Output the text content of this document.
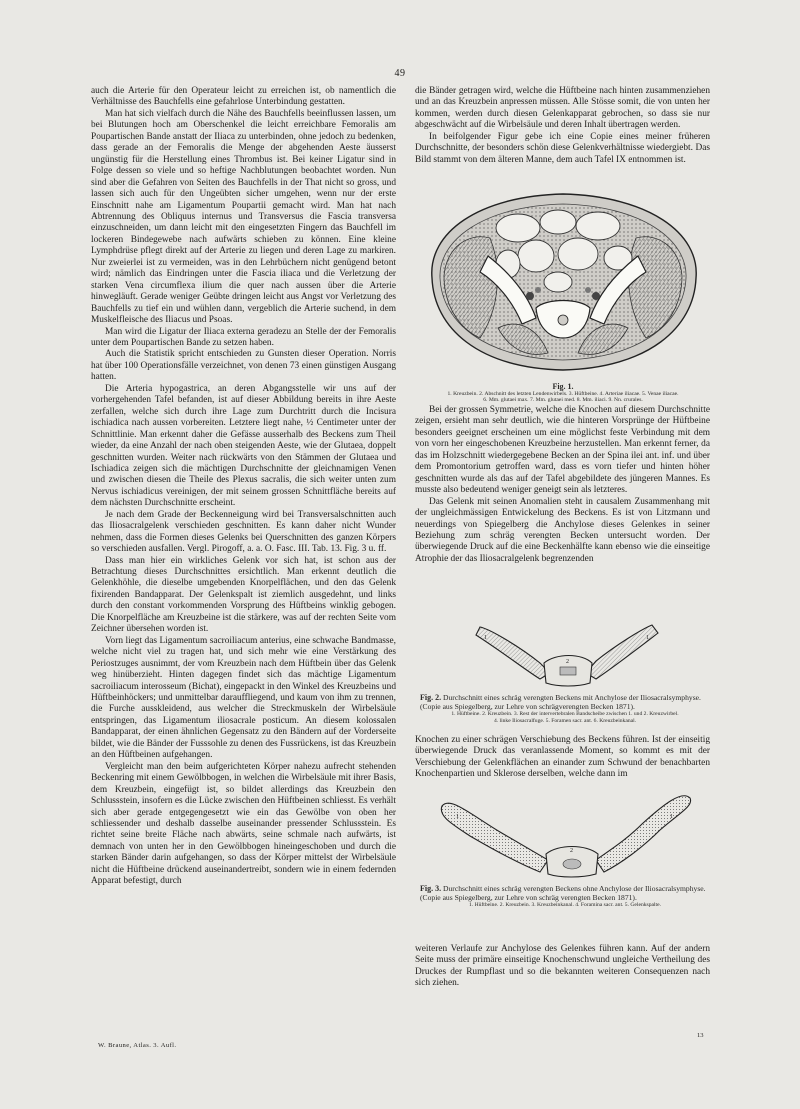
49

auch die Arterie für den Operateur leicht zu erreichen ist, ob namentlich die Verhältnisse des Bauchfells eine gefahrlose Unterbindung gestatten.

Man hat sich vielfach durch die Nähe des Bauchfells beeinflussen lassen, um bei Blutungen hoch am Oberschenkel die leicht erreichbare Femoralis am Poupartischen Bande anstatt der Iliaca zu unterbinden, ohne jedoch zu bedenken, dass gerade an der Femoralis die Menge der abgehenden Aeste äusserst ungünstig für die Herstellung eines Thrombus ist. Bei keiner Ligatur sind in Folge dessen so viele und so heftige Nachblutungen beobachtet worden. Nun sind aber die Gefahren von Seiten des Bauchfells in der That nicht so gross, und lassen sich auch für den Ungeübten sicher umgehen, wenn nur der erste Einschnitt nahe am Ligamentum Poupartii gemacht wird. Man hat nach Abtrennung des Obliquus internus und Transversus die Fascia transversa einzuschneiden, um dann leicht mit den eingesetzten Fingern das Bauchfell im lockeren Bindegewebe nach aufwärts schieben zu können. Eine kleine Lymphdrüse pflegt direkt auf der Arterie zu liegen und deren Lage zu markiren. Nur zweierlei ist zu vermeiden, was in den Lehrbüchern nicht genügend betont wird; nämlich das Eindringen unter die Fascia iliaca und die Verletzung der starken Vena circumflexa ilium die quer nach aussen über die Arterie hinwegläuft. Gerade weniger Geübte dringen leicht aus Angst vor Verletzung des Bauchfells zu tief ein und wühlen dann, vergeblich die Arterie suchend, in dem Muskelfleische des Iliacus und Psoas.

Man wird die Ligatur der Iliaca externa geradezu an Stelle der der Femoralis unter dem Poupartischen Bande zu setzen haben.

Auch die Statistik spricht entschieden zu Gunsten dieser Operation. Norris hat über 100 Operationsfälle verzeichnet, von denen 73 einen günstigen Ausgang hatten.

Die Arteria hypogastrica, an deren Abgangsstelle wir uns auf der vorhergehenden Tafel befanden, ist auf dieser Abbildung bereits in ihre Aeste zerfallen, welche sich durch ihre Lage zum Durchtritt durch die Incisura ischiadica nach aussen vorbereiten. Letztere liegt nahe, ½ Centimeter unter der Schnittlinie. Man erkennt daher die Gefässe ausserhalb des Beckens zum Theil wieder, da eine Anzahl der nach oben steigenden Aeste, wie der Glutaea, doppelt geschnitten wurden. Weiter nach rückwärts von den Stämmen der Glutaea und Ischiadica zeigen sich die mächtigen Durchschnitte der gleichnamigen Venen und zwischen diesen die Theile des Plexus sacralis, die sich weiter unten zum Nervus ischiadicus vereinigen, der mit seinem grossen Schnittfläche bereits auf dem nächsten Durchschnitte erscheint.

Je nach dem Grade der Beckenneigung wird bei Transversalschnitten auch das Iliosacralgelenk verschieden geschnitten. Es kann daher nicht Wunder nehmen, dass die Formen dieses Gelenks bei Querschnitten des ganzen Körpers so verschieden ausfallen. Vergl. Pirogoff, a. a. O. Fasc. III. Tab. 13. Fig. 3 u. ff.

Dass man hier ein wirkliches Gelenk vor sich hat, ist schon aus der Betrachtung dieses Durchschnittes ersichtlich. Man erkennt deutlich die Gelenkhöhle, die dieselbe umgebenden Knorpelflächen, und den das Gelenk fixirenden Bandapparat. Der Gelenkspalt ist ziemlich ausgedehnt, und links durch den constant vorkommenden Vorsprung des Hüftbeins winklig gebogen. Die Knorpelfläche am Kreuzbeine ist die stärkere, was auf der rechten Seite vom Zeichner übersehen worden ist.

Vorn liegt das Ligamentum sacroiliacum anterius, eine schwache Bandmasse, welche nicht viel zu tragen hat, und sich mehr wie eine Verstärkung des Periostzuges ausnimmt, der vom Kreuzbein nach dem Hüftbein über das Gelenk weg hinüberzieht. Hinten dagegen findet sich das mächtige Ligamentum sacroiliacum interosseum (Bichat), eingepackt in den Winkel des Kreuzbeins und Hüftbeinhöckers; und unmittelbar darauffliegend, und kaum von ihm zu trennen, die Furche ausskleidend, aus welcher die Streckmuskeln der Wirbelsäule entspringen, das Ligamentum iliosacrale posticum. An diesem kolossalen Bandapparat, der einen ähnlichen Gegensatz zu den Bändern auf der Vorderseite bildet, wie die Bänder der Fusssohle zu denen des Fussrückens, ist das Kreuzbein an den Hüftbeinen aufgehangen.

Vergleicht man den beim aufgerichteten Körper nahezu aufrecht stehenden Beckenring mit einem Gewölbbogen, in welchen die Wirbelsäule mit ihrer Basis, dem Kreuzbein, eingefügt ist, so bildet allerdings das Kreuzbein den Schlussstein, insofern es die Lücke zwischen den Hüftbeinen schliesst. Es verhält sich aber gerade entgegengesetzt wie ein das Gewölbe von oben her schliessender und deshalb dasselbe auseinander pressender Schlussstein. Es richtet seine breite Fläche nach abwärts, seine schmale nach aufwärts, ist demnach von unten her in den Gewölbbogen hineingeschoben und durch die starken Bänder darin aufgehangen, so dass der Körper mittelst der Wirbelsäule nicht die Hüftbeine drückend auseinandertreibt, sondern wie in einem federnden Apparat befestigt, durch

die Bänder getragen wird, welche die Hüftbeine nach hinten zusammenziehen und an das Kreuzbein anpressen müssen. Alle Stösse somit, die von unten her kommen, werden durch diesen Gelenkapparat gebrochen, so dass sie nur abgeschwächt auf die Wirbelsäule und deren Inhalt übertragen werden.

In beifolgender Figur gebe ich eine Copie eines meiner früheren Durchschnitte, der besonders schön diese Gelenkverhältnisse wiedergiebt. Das Bild stammt von dem älteren Manne, dem auch Tafel IX entnommen ist.

Fig. 1.
1. Kreuzbein. 2. Abschnitt des letzten Lendenwirbels. 3. Hüftbeine. 4. Arteriae iliacae. 5. Venae iliacae.
6. Mm. glutaei max. 7. Mm. glutaei med. 8. Mm. iliaci. 9. Nn. crurales.

Bei der grossen Symmetrie, welche die Knochen auf diesem Durchschnitte zeigen, ersieht man sehr deutlich, wie die hinteren Vorsprünge der Hüftbeine besonders geeignet erscheinen um eine möglichst feste Verbindung mit dem von vorn her eingeschobenen Kreuzbeine herzustellen. Man erkennt ferner, da das im Holzschnitt wiedergegebene Becken an der Spina ilei ant. inf. und über dem Promontorium getroffen ward, dass es vorn tiefer und hinten höher geschnitten wurde als das auf der Tafel abgebildete des jüngeren Mannes. Es musste also bedeutend weniger geneigt sein als letzteres.

Das Gelenk mit seinen Anomalien steht in causalem Zusammenhang mit der ungleichmässigen Entwickelung des Beckens. Es ist von Litzmann und neuerdings von Spiegelberg die Anchylose dieses Gelenkes in seiner Beziehung zum schräg verengten Becken untersucht worden. Der überwiegende Druck auf die eine Beckenhälfte kann ebenso wie die einseitige Atrophie der das Iliosacralgelenk begrenzenden

1
2
1
Fig. 2. Durchschnitt eines schräg verengten Beckens mit Anchylose der Iliosacralsymphyse. (Copie aus Spiegelberg, zur Lehre von schrägverengten Becken 1871).
1. Hüftbeine. 2. Kreuzbein. 3. Rest der intervertebralen Bandscheibe zwischen 1. und 2. Kreuzwirbel.
4. linke Iliosacralfuge. 5. Foramen sacr. ant. 6. Kreuzbeinkanal.

Knochen zu einer schrägen Verschiebung des Beckens führen. Ist der einseitig überwiegende Druck das veranlassende Moment, so kommt es mit der Verschiebung der Gelenkflächen an einander zum Schwund der benachbarten Knochenpartien und Sklerose derselben, welche dann im

1
2
1
Fig. 3. Durchschnitt eines schräg verengten Beckens ohne Anchylose der Iliosacralsymphyse. (Copie aus Spiegelberg, zur Lehre von schräg verengten Becken 1871).
1. Hüftbeine. 2. Kreuzbein. 3. Kreuzbeinkanal. 4. Foramina sacr. ant. 5. Gelenkspalte.

weiteren Verlaufe zur Anchylose des Gelenkes führen kann. Auf der andern Seite muss der primäre einseitige Knochenschwund ungleiche Vertheilung des Druckes der Rumpflast und so die bekannten weiteren Consequenzen nach sich ziehen.

W. Braune, Atlas. 3. Aufl.
13
